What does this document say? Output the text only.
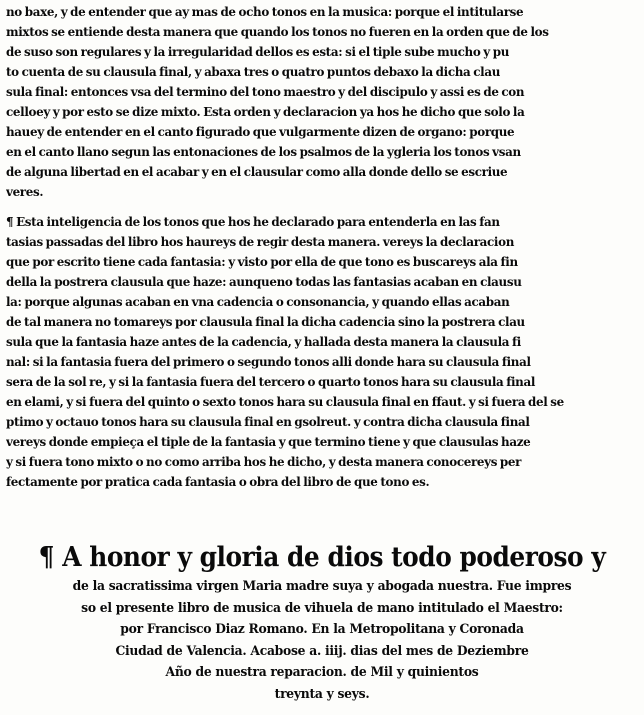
no baxe, y de entender que ay mas de ocho tonos en la musica: porque el intitularse
mixtos se entiende desta manera que quando los tonos no fueren en la orden que de los
de suso son regulares y la irregularidad dellos es esta: si el tiple sube mucho y pu
to cuenta de su clausula final, y abaxa tres o quatro puntos debaxo la dicha clau
sula final: entonces vsa del termino del tono maestro y del discipulo y assi es de con
celloey y por esto se dize mixto. Esta orden y declaracion ya hos he dicho que solo la
hauey de entender en el canto figurado que vulgarmente dizen de organo: porque
en el canto llano segun las entonaciones de los psalmos de la ygleria los tonos vsan
de alguna libertad en el acabar y en el clausular como alla donde dello se escriue
veres.
¶ Esta inteligencia de los tonos que hos he declarado para entenderla en las fan
tasias passadas del libro hos haureys de regir desta manera. vereys la declaracion
que por escrito tiene cada fantasia: y visto por ella de que tono es buscareys ala fin
della la postrera clausula que haze: aunqueno todas las fantasias acaban en clausu
la: porque algunas acaban en vna cadencia o consonancia, y quando ellas acaban
de tal manera no tomareys por clausula final la dicha cadencia sino la postrera clau
sula que la fantasia haze antes de la cadencia, y hallada desta manera la clausula fi
nal: si la fantasia fuera del primero o segundo tonos alli donde hara su clausula final
sera de la sol re, y si la fantasia fuera del tercero o quarto tonos hara su clausula final
en elami, y si fuera del quinto o sexto tonos hara su clausula final en ffaut. y si fuera del se
ptimo y octauo tonos hara su clausula final en gsolreut. y contra dicha clausula final
vereys donde empieça el tiple de la fantasia y que termino tiene y que clausulas haze
y si fuera tono mixto o no como arriba hos he dicho, y desta manera conocereys per
fectamente por pratica cada fantasia o obra del libro de que tono es.
¶ A honor y gloria de dios todo poderoso y
de la sacratissima virgen Maria madre suya y abogada nuestra. Fue impres
so el presente libro de musica de vihuela de mano intitulado el Maestro:
por Francisco Diaz Romano. En la Metropolitana y Coronada
Ciudad de Valencia. Acabose a. iiij. dias del mes de Deziembre
Año de nuestra reparacion. de Mil y quinientos
treynta y seys.
